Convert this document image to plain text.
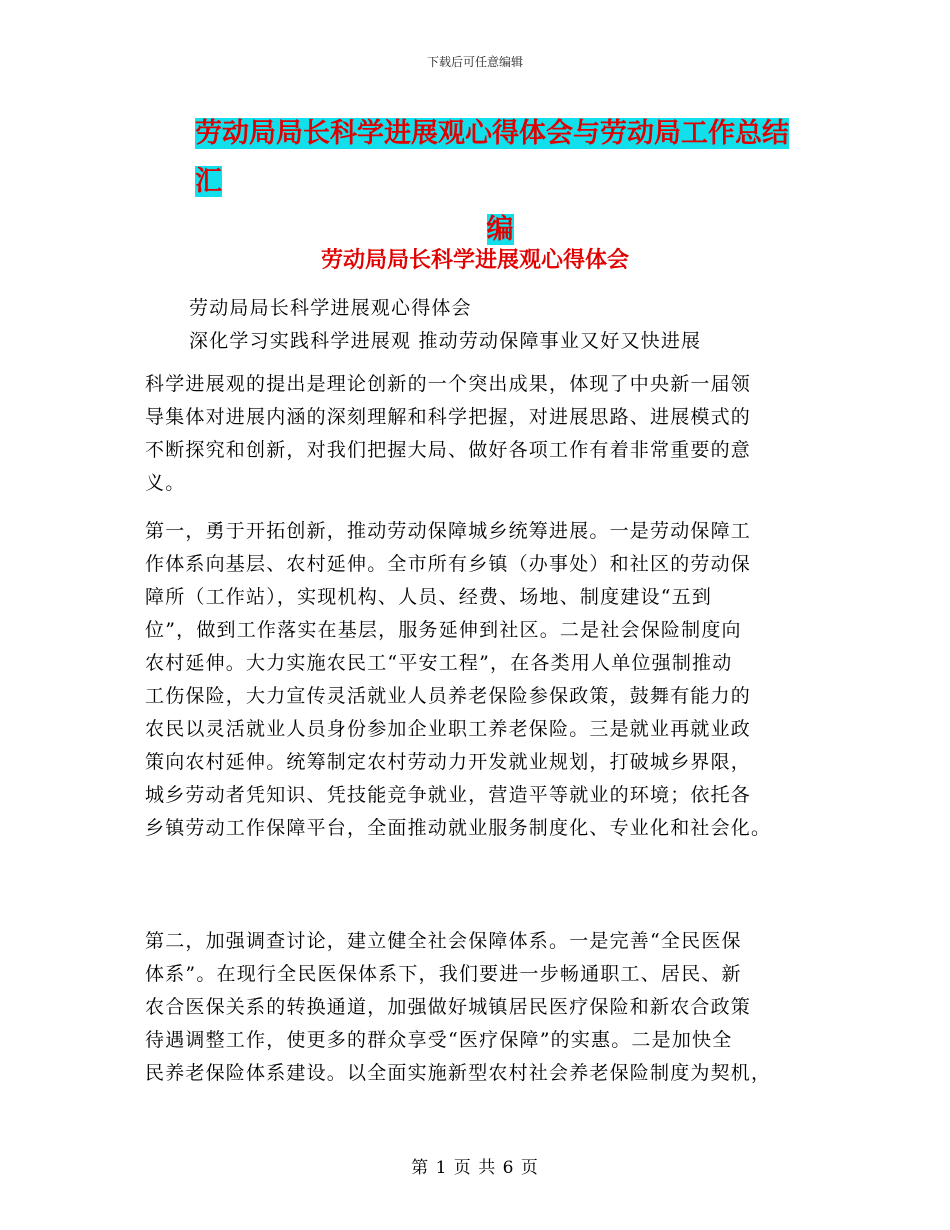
下载后可任意编辑
劳动局局长科学进展观心得体会与劳动局工作总结汇
编
劳动局局长科学进展观心得体会
劳动局局长科学进展观心得体会
深化学习实践科学进展观 推动劳动保障事业又好又快进展
科学进展观的提出是理论创新的一个突出成果，体现了中央新一届领
导集体对进展内涵的深刻理解和科学把握，对进展思路、进展模式的
不断探究和创新，对我们把握大局、做好各项工作有着非常重要的意
义。
第一，勇于开拓创新，推动劳动保障城乡统筹进展。一是劳动保障工
作体系向基层、农村延伸。全市所有乡镇（办事处）和社区的劳动保
障所（工作站），实现机构、人员、经费、场地、制度建设“五到
位”，做到工作落实在基层，服务延伸到社区。二是社会保险制度向
农村延伸。大力实施农民工“平安工程”，在各类用人单位强制推动
工伤保险，大力宣传灵活就业人员养老保险参保政策，鼓舞有能力的
农民以灵活就业人员身份参加企业职工养老保险。三是就业再就业政
策向农村延伸。统筹制定农村劳动力开发就业规划，打破城乡界限，
城乡劳动者凭知识、凭技能竞争就业，营造平等就业的环境；依托各
乡镇劳动工作保障平台，全面推动就业服务制度化、专业化和社会化。
第二，加强调查讨论，建立健全社会保障体系。一是完善“全民医保
体系”。在现行全民医保体系下，我们要进一步畅通职工、居民、新
农合医保关系的转换通道，加强做好城镇居民医疗保险和新农合政策
待遇调整工作，使更多的群众享受“医疗保障”的实惠。二是加快全
民养老保险体系建设。以全面实施新型农村社会养老保险制度为契机，
第 1 页 共 6 页
